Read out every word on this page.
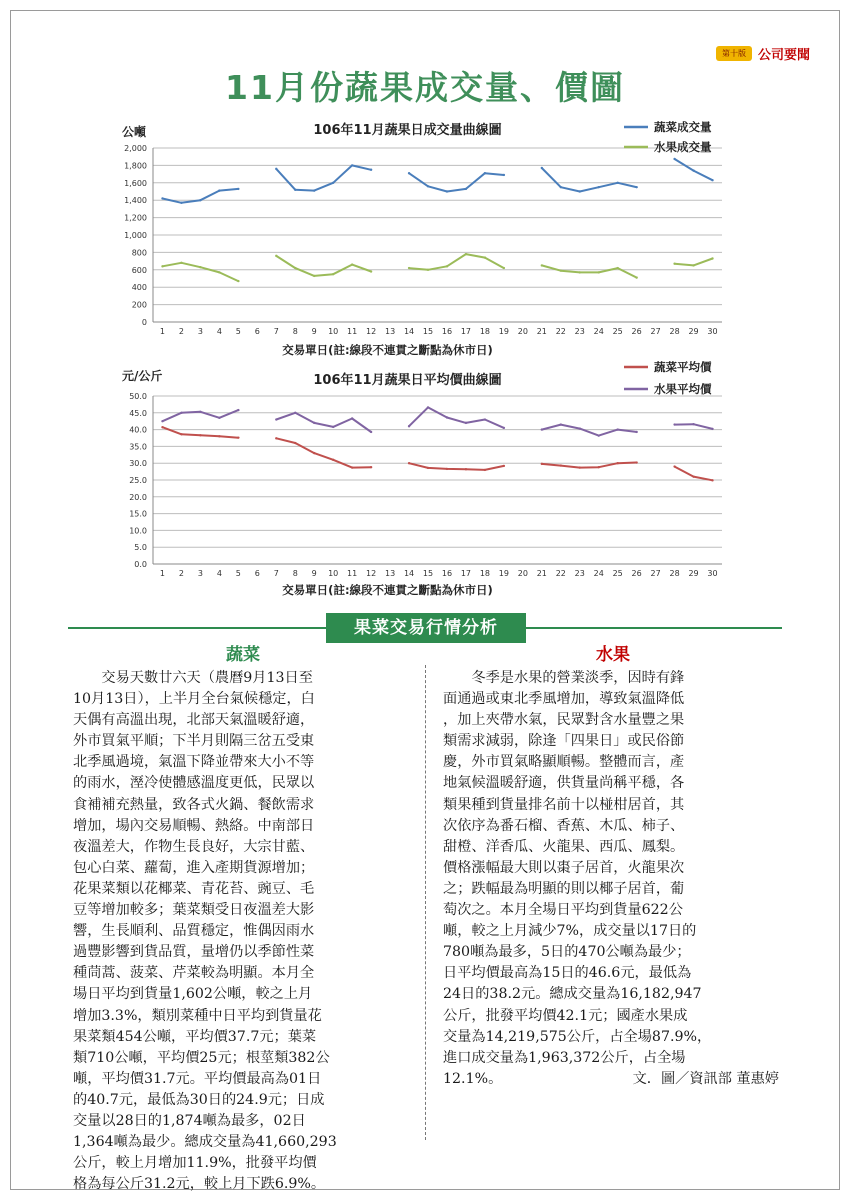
第十版 公司要聞
11月份蔬果成交量、價圖
106年11月蔬果日成交量曲線圖
公噸
0
200
400
600
800
1,000
1,200
1,400
1,600
1,800
2,000
1 2 3 4 5 6 7 8 9 10 11 12 13 14 15 16 17 18 19 20 21 22 23 24 25 26 27 28 29 30
交易單日(註:線段不連貫之斷點為休市日)
蔬菜成交量
水果成交量
106年11月蔬果日平均價曲線圖
元/公斤
0.0
5.0
10.0
15.0
20.0
25.0
30.0
35.0
40.0
45.0
50.0
1 2 3 4 5 6 7 8 9 10 11 12 13 14 15 16 17 18 19 20 21 22 23 24 25 26 27 28 29 30
交易單日(註:線段不連貫之斷點為休市日)
蔬菜平均價
水果平均價
果菜交易行情分析
蔬菜	水果
　　交易天數廿六天（農曆9月13日至
10月13日），上半月全台氣候穩定，白
天偶有高溫出現，北部天氣溫暖舒適，
外市買氣平順；下半月則隔三岔五受東
北季風過境，氣溫下降並帶來大小不等
的雨水，溼冷使體感溫度更低，民眾以
食補補充熱量，致各式火鍋、餐飲需求
增加，場內交易順暢、熱絡。中南部日
夜溫差大，作物生長良好，大宗甘藍、
包心白菜、蘿蔔，進入產期貨源增加；
花果菜類以花椰菜、青花苔、豌豆、毛
豆等增加較多；葉菜類受日夜溫差大影
響，生長順利、品質穩定，惟偶因雨水
過豐影響到貨品質，量增仍以季節性菜
種茼蒿、菠菜、芹菜較為明顯。本月全
場日平均到貨量1,602公噸，較之上月
增加3.3%，類別菜種中日平均到貨量花
果菜類454公噸，平均價37.7元；葉菜
類710公噸，平均價25元；根莖類382公
噸，平均價31.7元。平均價最高為01日
的40.7元，最低為30日的24.9元；日成
交量以28日的1,874噸為最多，02日
1,364噸為最少。總成交量為41,660,293
公斤，較上月增加11.9%，批發平均價
格為每公斤31.2元，較上月下跌6.9%。
　　冬季是水果的營業淡季，因時有鋒
面通過或東北季風增加，導致氣溫降低
，加上夾帶水氣，民眾對含水量豐之果
類需求減弱，除逢「四果日」或民俗節
慶，外市買氣略顯順暢。整體而言，產
地氣候溫暖舒適，供貨量尚稱平穩，各
類果種到貨量排名前十以椪柑居首，其
次依序為番石榴、香蕉、木瓜、柿子、
甜橙、洋香瓜、火龍果、西瓜、鳳梨。
價格漲幅最大則以棗子居首，火龍果次
之；跌幅最為明顯的則以椰子居首，葡
萄次之。本月全場日平均到貨量622公
噸，較之上月減少7%，成交量以17日的
780噸為最多，5日的470公噸為最少；
日平均價最高為15日的46.6元，最低為
24日的38.2元。總成交量為16,182,947
公斤，批發平均價42.1元；國產水果成
交量為14,219,575公斤，占全場87.9%，
進口成交量為1,963,372公斤，占全場
12.1%。	文．圖／資訊部 董惠婷
